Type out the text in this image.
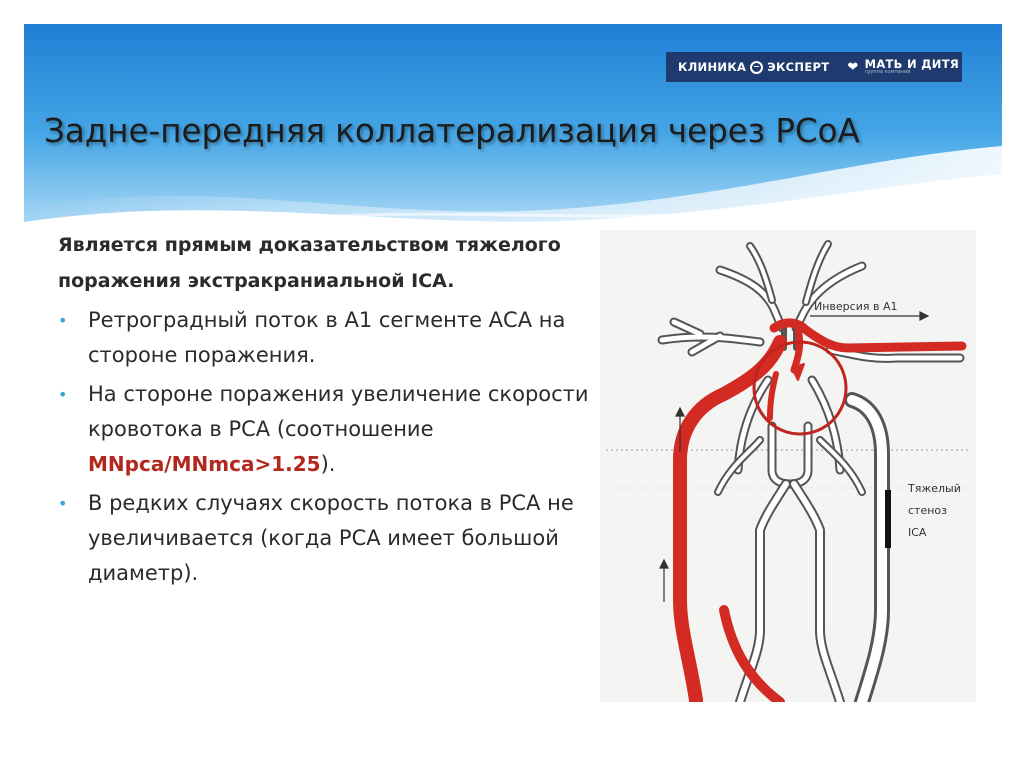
КЛИНИКА ЭКСПЕРТ ❤ МАТЬ И ДИТЯ
группа компаний
Задне-передняя коллатерализация через PCoA

Является прямым доказательством тяжелого поражения экстракраниальной ICA.

• Ретроградный поток в А1 сегменте АСА на стороне поражения.
• На стороне поражения увеличение скорости кровотока в РСА (соотношение MNpca/MNmca>1.25).
• В редких случаях скорость потока в РСА не увеличивается (когда РСА имеет большой диаметр).
Инверсия в A1
Тяжелый
стеноз
ICA
